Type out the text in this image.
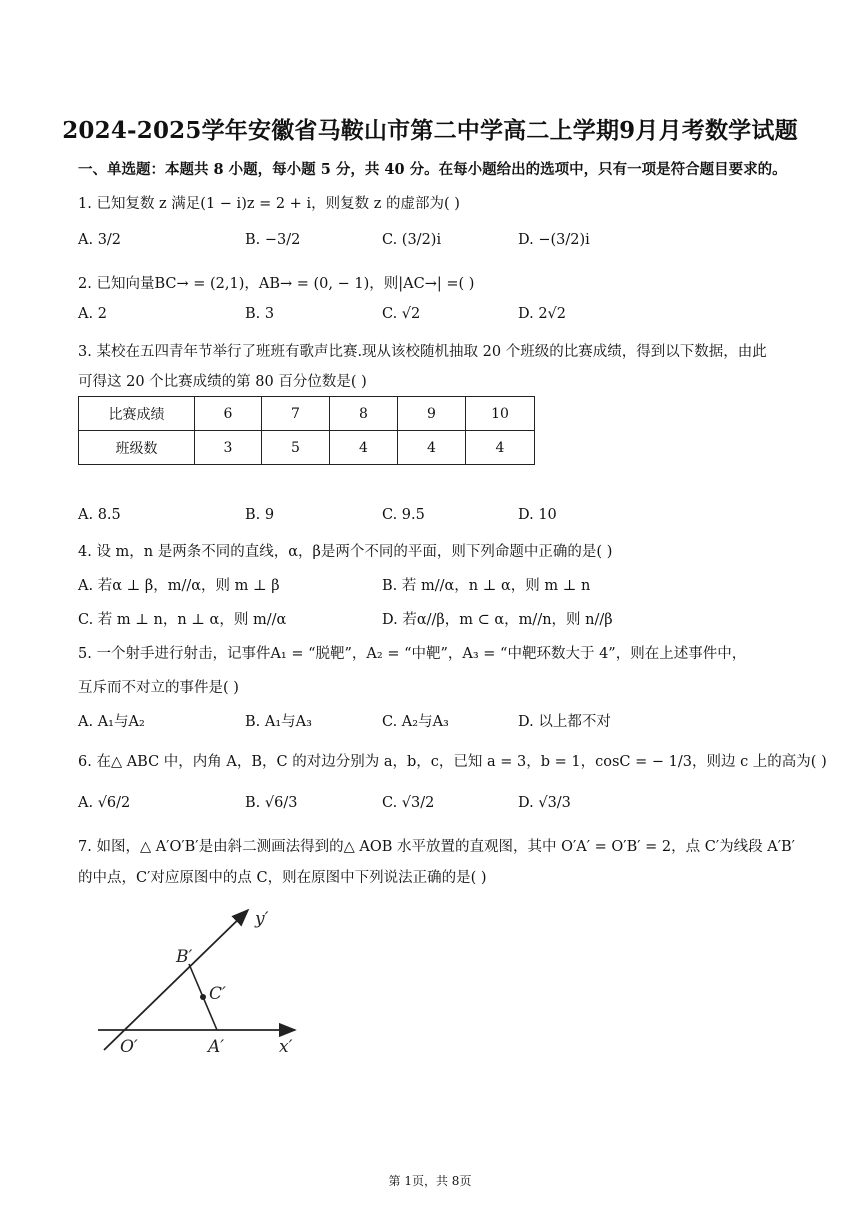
2024-2025学年安徽省马鞍山市第二中学高二上学期9月月考数学试题
一、单选题：本题共 8 小题，每小题 5 分，共 40 分。在每小题给出的选项中，只有一项是符合题目要求的。
1. 已知复数 z 满足(1 − i)z = 2 + i，则复数 z 的虚部为( )
A. 3/2	B. −3/2	C. (3/2)i	D. −(3/2)i
2. 已知向量BC→ = (2,1)，AB→ = (0, − 1)，则|AC→| =( )
A. 2	B. 3	C. √2	D. 2√2
3. 某校在五四青年节举行了班班有歌声比赛.现从该校随机抽取 20 个班级的比赛成绩，得到以下数据，由此
可得这 20 个比赛成绩的第 80 百分位数是( )
比赛成绩	6	7	8	9	10
班级数	3	5	4	4	4
A. 8.5	B. 9	C. 9.5	D. 10
4. 设 m，n 是两条不同的直线，α，β是两个不同的平面，则下列命题中正确的是( )
A. 若α ⊥ β，m//α，则 m ⊥ β	B. 若 m//α，n ⊥ α，则 m ⊥ n
C. 若 m ⊥ n，n ⊥ α，则 m//α	D. 若α//β，m ⊂ α，m//n，则 n//β
5. 一个射手进行射击，记事件A₁ = “脱靶”，A₂ = “中靶”，A₃ = “中靶环数大于 4”，则在上述事件中，
互斥而不对立的事件是( )
A. A₁与A₂	B. A₁与A₃	C. A₂与A₃	D. 以上都不对
6. 在△ ABC 中，内角 A，B，C 的对边分别为 a，b，c，已知 a = 3，b = 1，cosC = − 1/3，则边 c 上的高为( )
A. √6/2	B. √6/3	C. √3/2	D. √3/3
7. 如图，△ A′O′B′是由斜二测画法得到的△ AOB 水平放置的直观图，其中 O′A′ = O′B′ = 2，点 C′为线段 A′B′
的中点，C′对应原图中的点 C，则在原图中下列说法正确的是( )
y′
B′
C′
O′	A′	x′
第 1页，共 8页
